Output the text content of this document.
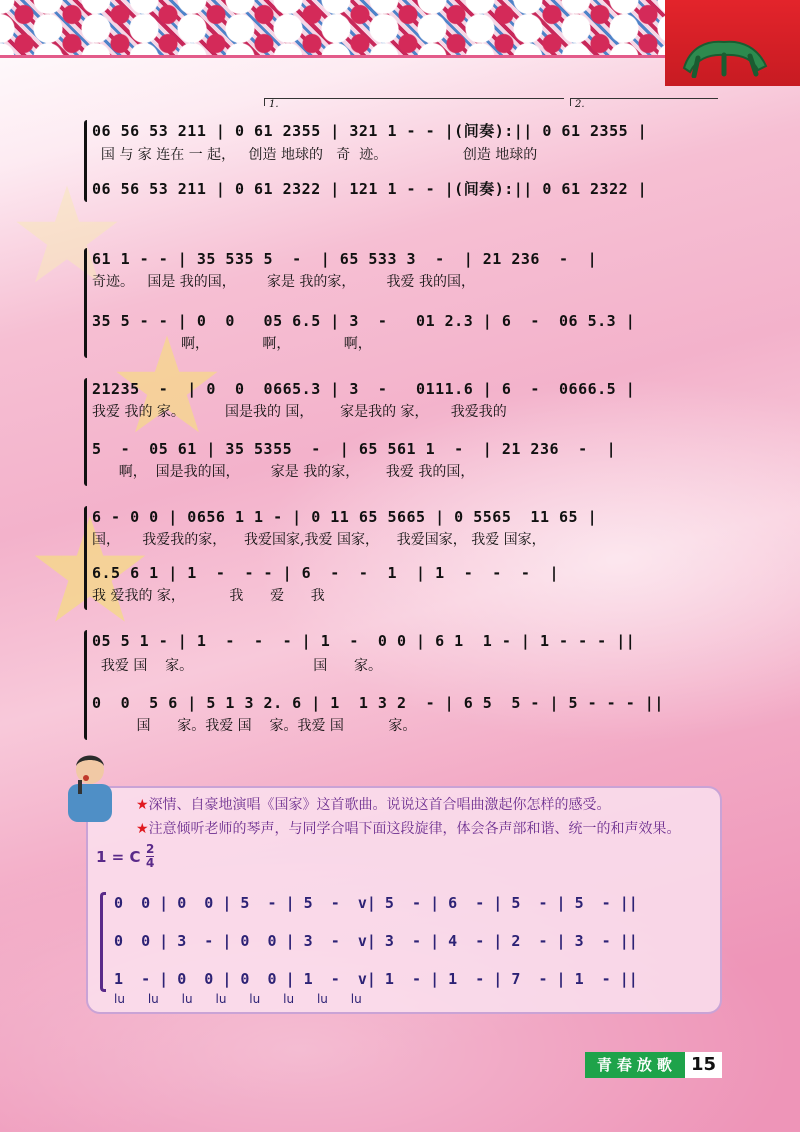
1.	2.
06 56 53 211 | 0 61 2355 | 321 1 - - |(间奏):|| 0 61 2355 |
国 与 家 连在 一 起，   创造 地球的   奇  迹。                 创造 地球的
06 56 53 211 | 0 61 2322 | 121 1 - - |(间奏):|| 0 61 2322 |
61 1 - - | 35 535 5  -  | 65 533 3  -  | 21 236  -  |
奇迹。   国是 我的国，       家是 我的家，       我爱 我的国，
35 5 - - | 0  0   05 6.5 | 3  -   01 2.3 | 6  -  06 5.3 |
啊，            啊，            啊，
21235  -  | 0  0  0665.3 | 3  -   0111.6 | 6  -  0666.5 |
我爱 我的 家。         国是我的 国，      家是我的 家，     我爱我的
5  -  05 61 | 35 5355  -  | 65 561 1  -  | 21 236  -  |
啊，  国是我的国，       家是 我的家，      我爱 我的国，
6 - 0 0 | 0656 1 1 - | 0 11 65 5665 | 0 5565  11 65 |
国，     我爱我的家，    我爱国家,我爱 国家，    我爱国家， 我爱 国家，
6.5 6 1 | 1  -  - - | 6  -  -  1  | 1  -  -  -  |
我 爱我的 家，          我      爱      我
05 5 1 - | 1  -  -  - | 1  -  0 0 | 6 1  1 - | 1 - - - ||
我爱 国    家。                           国      家。
0  0  5 6 | 5 1 3 2. 6 | 1  1 3 2  - | 6 5  5 - | 5 - - - ||
国      家。我爱 国    家。我爱 国          家。
★深情、自豪地演唱《国家》这首歌曲。说说这首合唱曲激起你怎样的感受。
★注意倾听老师的琴声，与同学合唱下面这段旋律，体会各声部和谐、统一的和声效果。
1 = C 2
4
0  0 | 0  0 | 5  - | 5  -  v| 5  - | 6  - | 5  - | 5  - ||
0  0 | 3  - | 0  0 | 3  -  v| 3  - | 4  - | 2  - | 3  - ||
1  - | 0  0 | 0  0 | 1  -  v| 1  - | 1  - | 7  - | 1  - ||
lu      lu      lu      lu      lu      lu      lu      lu
青春放歌 15
